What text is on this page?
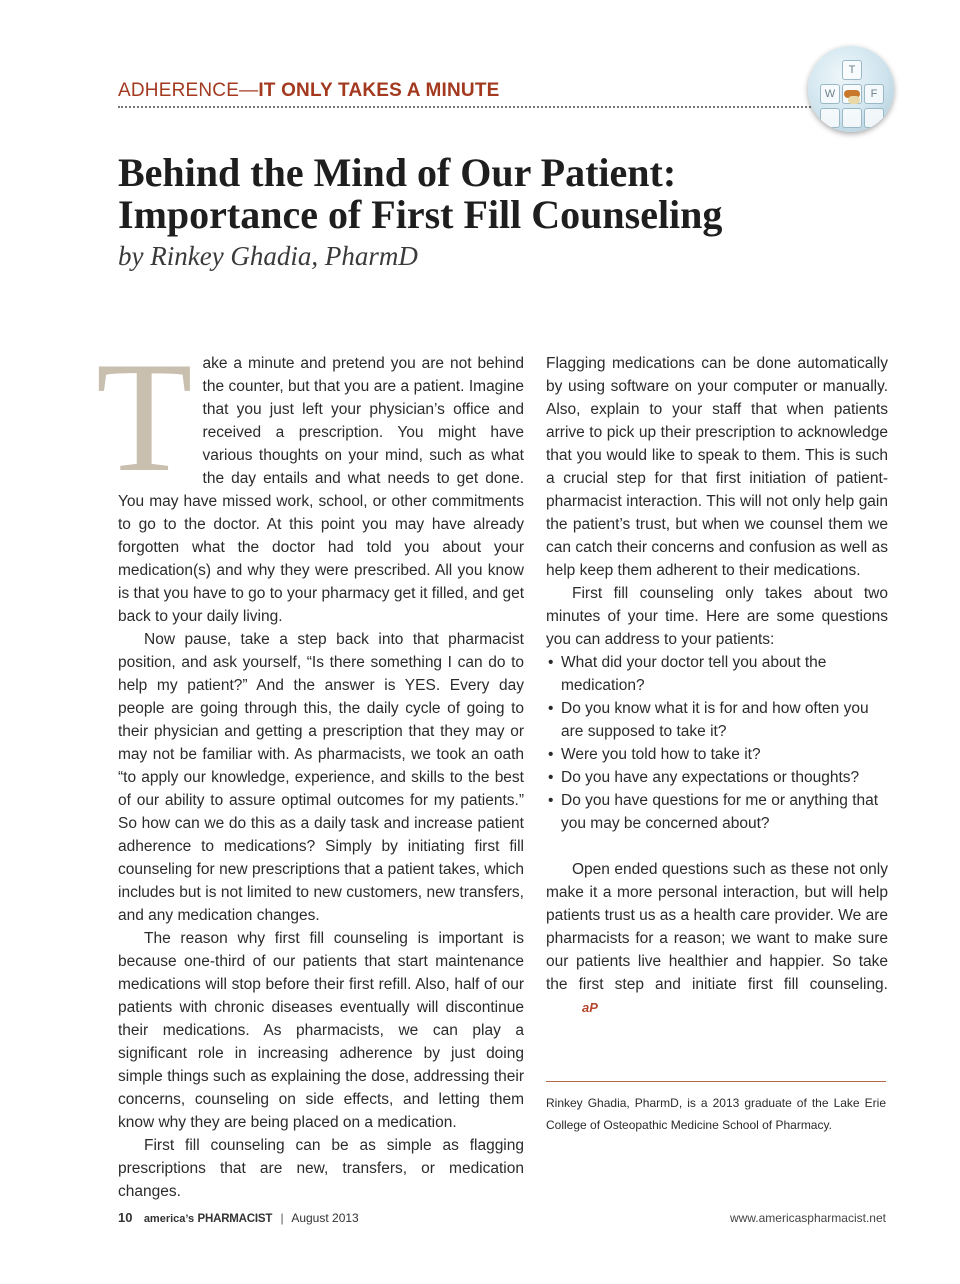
ADHERENCE—IT ONLY TAKES A MINUTE
T
W	F
Behind the Mind of Our Patient:
Importance of First Fill Counseling
by Rinkey Ghadia, PharmD

Take a minute and pretend you are not behind the counter, but that you are a patient. Imagine that you just left your physician’s office and received a prescription. You might have various thoughts on your mind, such as what the day entails and what needs to get done. You may have missed work, school, or other commitments to go to the doctor. At this point you may have already forgotten what the doctor had told you about your medication(s) and why they were prescribed. All you know is that you have to go to your pharmacy get it filled, and get back to your daily living.

Now pause, take a step back into that pharmacist position, and ask yourself, “Is there something I can do to help my patient?” And the answer is YES. Every day people are going through this, the daily cycle of going to their physician and getting a prescription that they may or may not be familiar with. As pharmacists, we took an oath “to apply our knowledge, experience, and skills to the best of our ability to assure optimal outcomes for my patients.” So how can we do this as a daily task and increase patient adherence to medications? Simply by initiating first fill counseling for new prescriptions that a patient takes, which includes but is not limited to new customers, new transfers, and any medication changes.

The reason why first fill counseling is important is because one-third of our patients that start maintenance medications will stop before their first refill. Also, half of our patients with chronic diseases eventually will discontinue their medications. As pharmacists, we can play a significant role in increasing adherence by just doing simple things such as explaining the dose, addressing their concerns, counseling on side effects, and letting them know why they are being placed on a medication.

First fill counseling can be as simple as flagging prescriptions that are new, transfers, or medication changes.

Flagging medications can be done automatically by using software on your computer or manually. Also, explain to your staff that when patients arrive to pick up their prescription to acknowledge that you would like to speak to them. This is such a crucial step for that first initiation of patient-pharmacist interaction. This will not only help gain the patient’s trust, but when we counsel them we can catch their concerns and confusion as well as help keep them adherent to their medications.

First fill counseling only takes about two minutes of your time. Here are some questions you can address to your patients:

• What did your doctor tell you about the medication?
• Do you know what it is for and how often you are supposed to take it?
• Were you told how to take it?
• Do you have any expectations or thoughts?
• Do you have questions for me or anything that you may be concerned about?

Open ended questions such as these not only make it a more personal interaction, but will help patients trust us as a health care provider. We are pharmacists for a reason; we want to make sure our patients live healthier and happier. So take the first step and initiate first fill counseling.aP

Rinkey Ghadia, PharmD, is a 2013 graduate of the Lake Erie College of Osteopathic Medicine School of Pharmacy.

10 america’s PHARMACIST | August 2013	www.americaspharmacist.net
